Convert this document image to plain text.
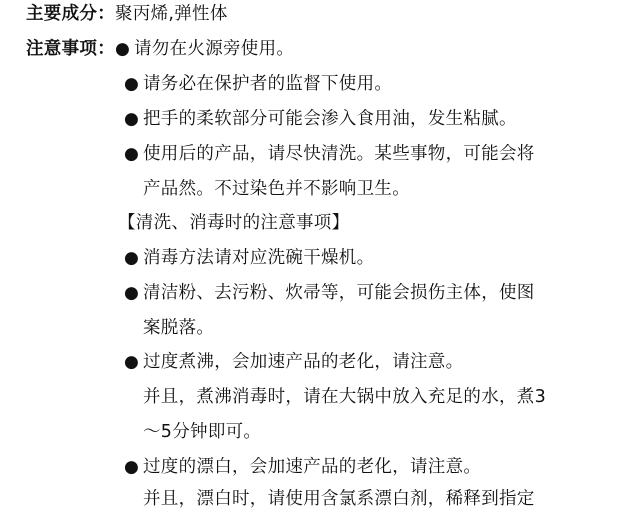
主要成分：聚丙烯,弹性体
注意事项：● 请勿在火源旁使用。
● 请务必在保护者的监督下使用。
● 把手的柔软部分可能会渗入食用油，发生粘腻。
● 使用后的产品，请尽快清洗。某些事物，可能会将
产品然。不过染色并不影响卫生。
【清洗、消毒时的注意事项】
● 消毒方法请对应洗碗干燥机。
● 清洁粉、去污粉、炊帚等，可能会损伤主体，使图
案脱落。
● 过度煮沸，会加速产品的老化，请注意。
并且，煮沸消毒时，请在大锅中放入充足的水，煮3
～5分钟即可。
● 过度的漂白，会加速产品的老化，请注意。
并且，漂白时，请使用含氯系漂白剂，稀释到指定
